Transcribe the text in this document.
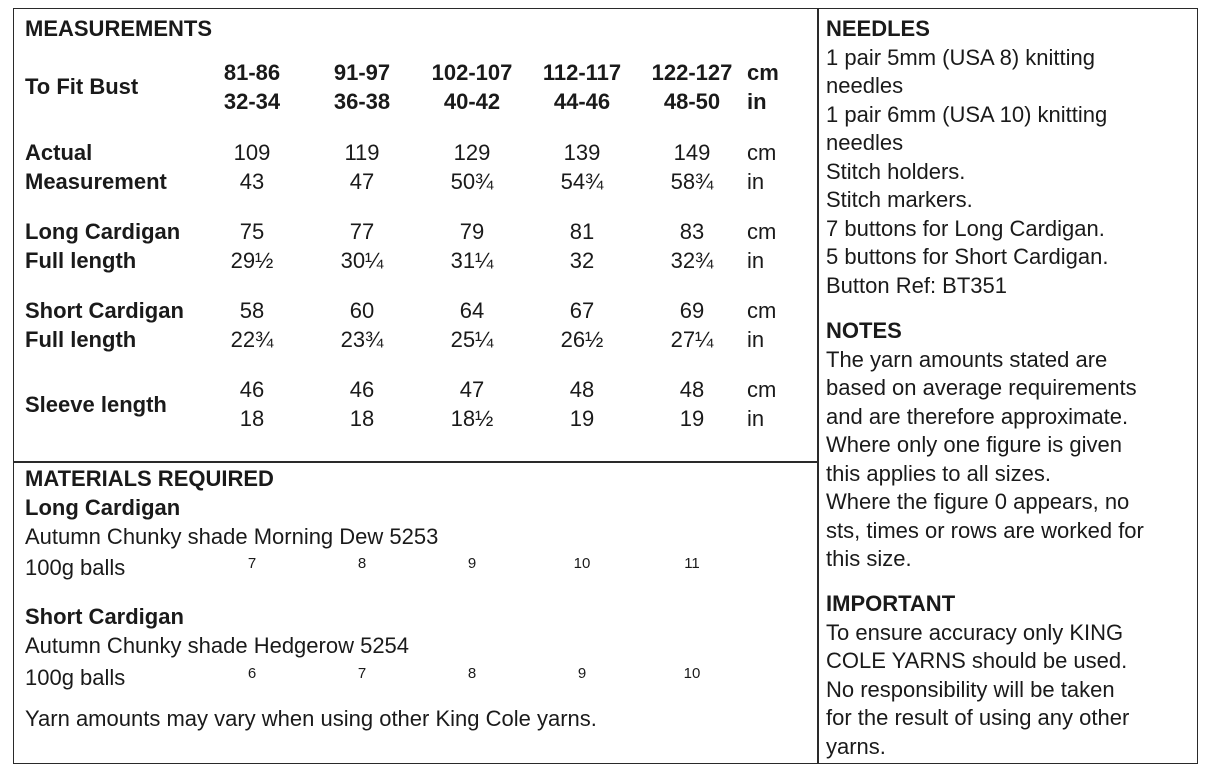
MEASUREMENTS
To Fit Bust
81-86	91-97	102-107	112-117	122-127 cm
32-34	36-38	40-42	44-46	48-50	in
Actual
Measurement
109	119	129	139	149	cm
43	47	50¾	54¾	58¾	in
Long Cardigan
Full length
75	77	79	81	83	cm
29½	30¼	31¼	32	32¾	in
Short Cardigan
Full length
58	60	64	67	69	cm
22¾	23¾	25¼	26½	27¼	in
Sleeve length
46	46	47	48	48	cm
18	18	18½	19	19	in
MATERIALS REQUIRED
Long Cardigan
Autumn Chunky shade Morning Dew 5253
100g balls	7	8	9	10	11
Short Cardigan
Autumn Chunky shade Hedgerow 5254
100g balls	6	7	8	9	10
Yarn amounts may vary when using other King Cole yarns.
NEEDLES
1 pair 5mm (USA 8) knitting
needles
1 pair 6mm (USA 10) knitting
needles
Stitch holders.
Stitch markers.
7 buttons for Long Cardigan.
5 buttons for Short Cardigan.
Button Ref: BT351
NOTES
The yarn amounts stated are
based on average requirements
and are therefore approximate.
Where only one figure is given
this applies to all sizes.
Where the figure 0 appears, no
sts, times or rows are worked for
this size.
IMPORTANT
To ensure accuracy only KING
COLE YARNS should be used.
No responsibility will be taken
for the result of using any other
yarns.
